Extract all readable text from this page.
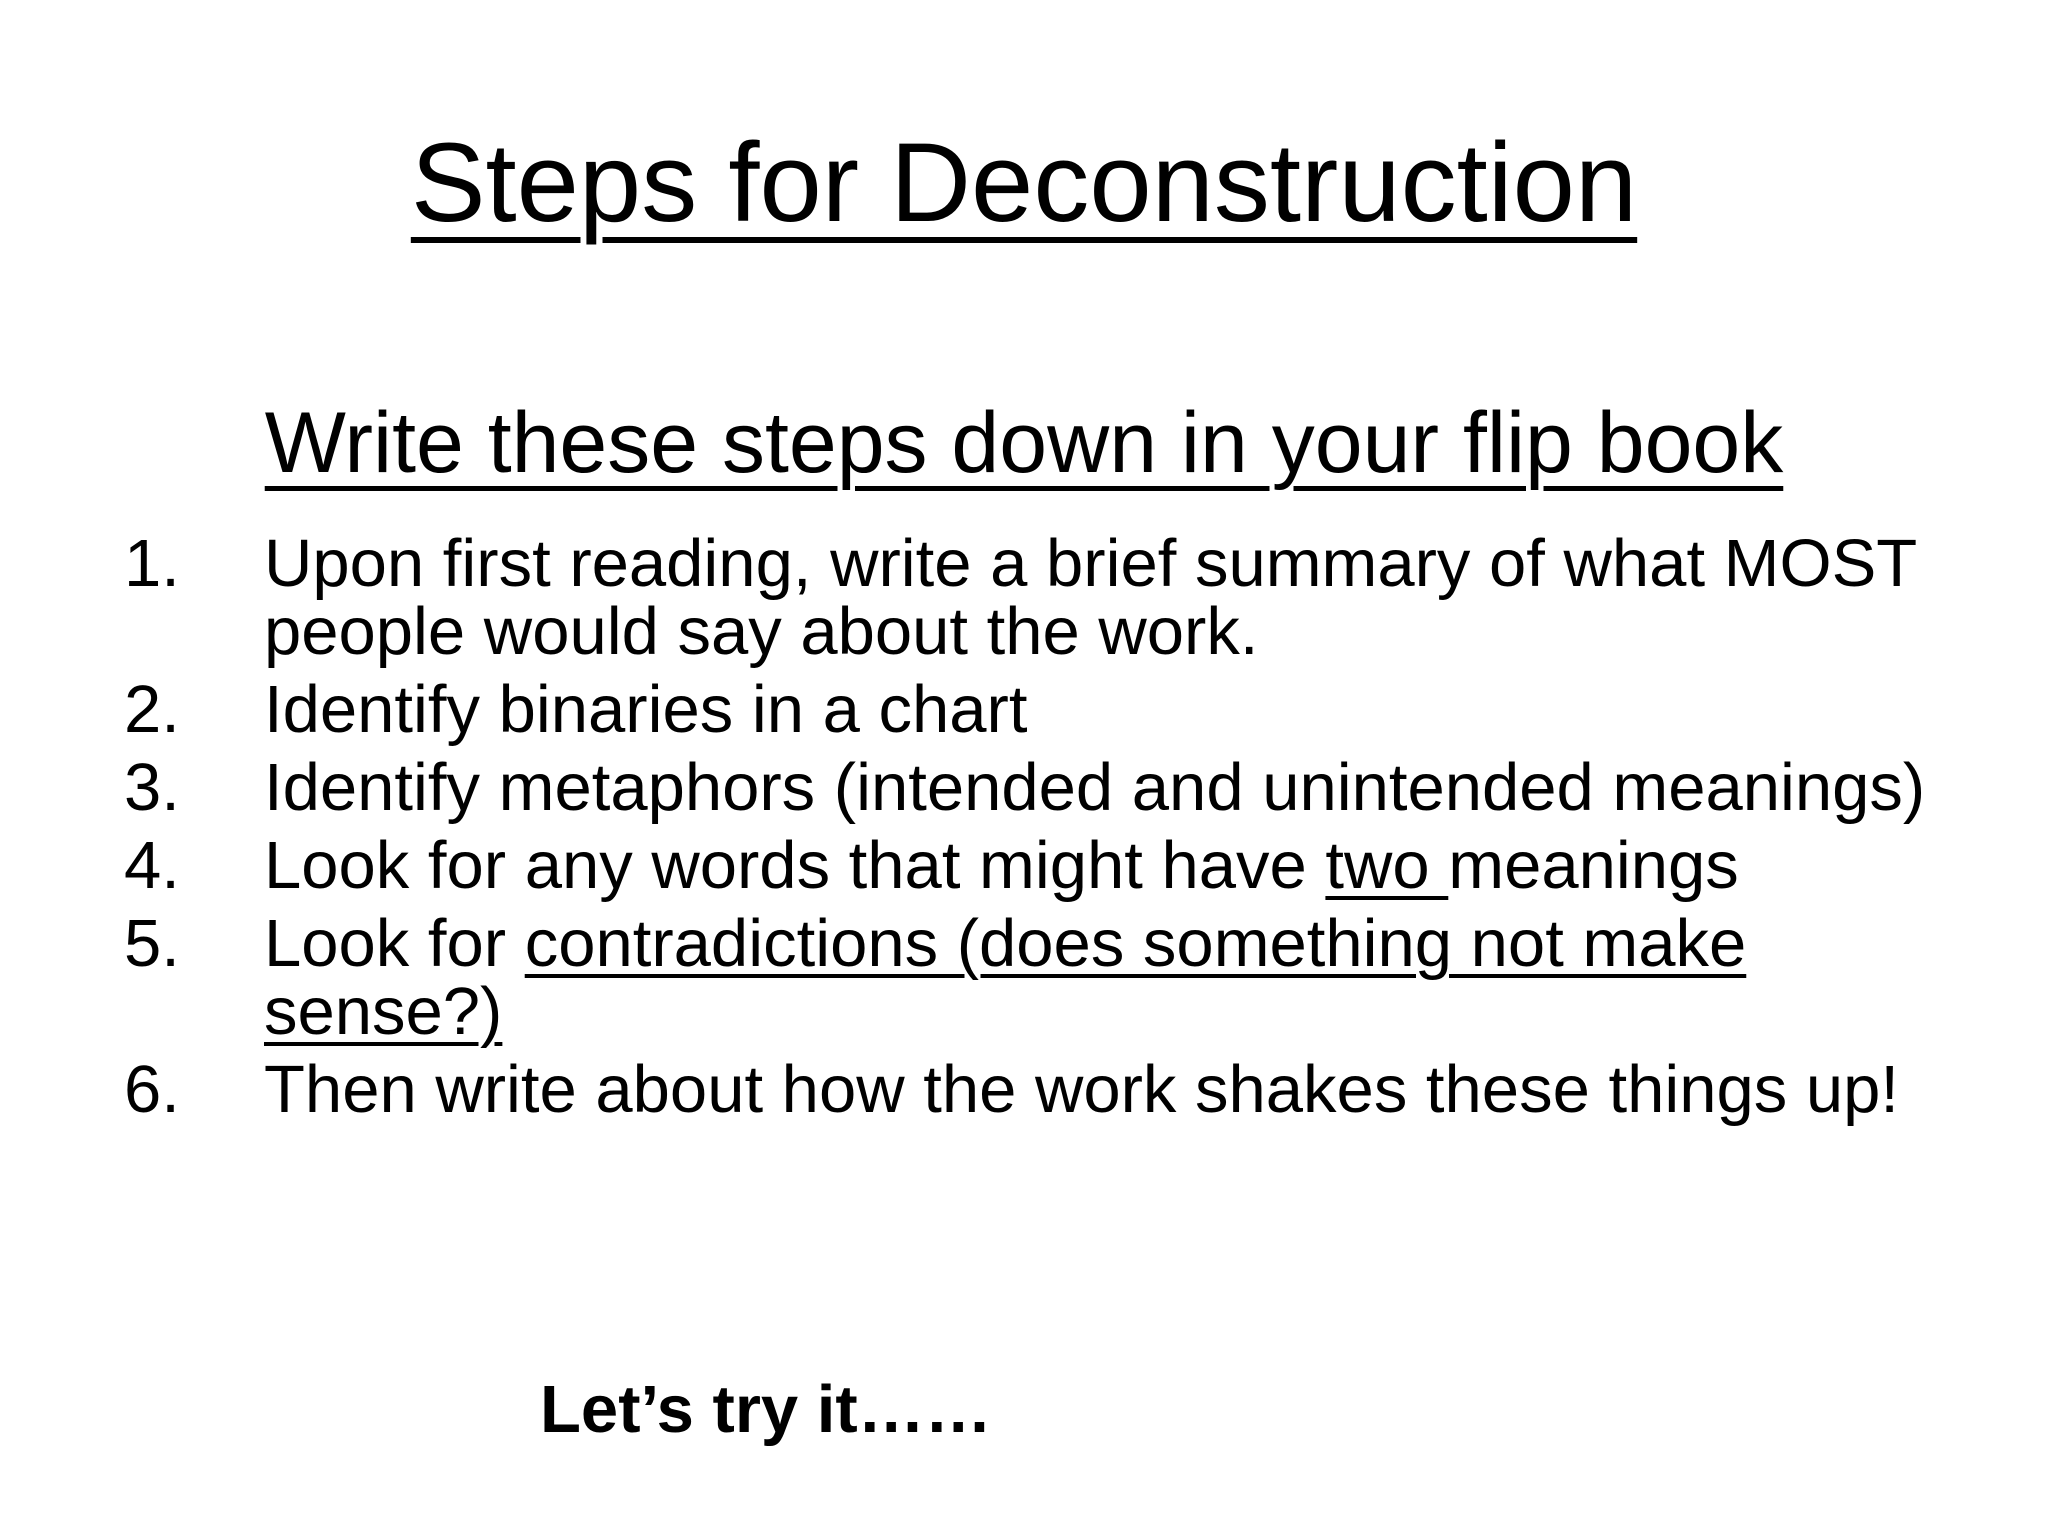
Steps for Deconstruction
Write these steps down in your flip book
1. Upon first reading, write a brief summary of what MOST people would say about the work.
2. Identify binaries in a chart
3. Identify metaphors (intended and unintended meanings)
4. Look for any words that might have two meanings
5. Look for contradictions (does something not make sense?)
6. Then write about how the work shakes these things up!
Let’s try it……
